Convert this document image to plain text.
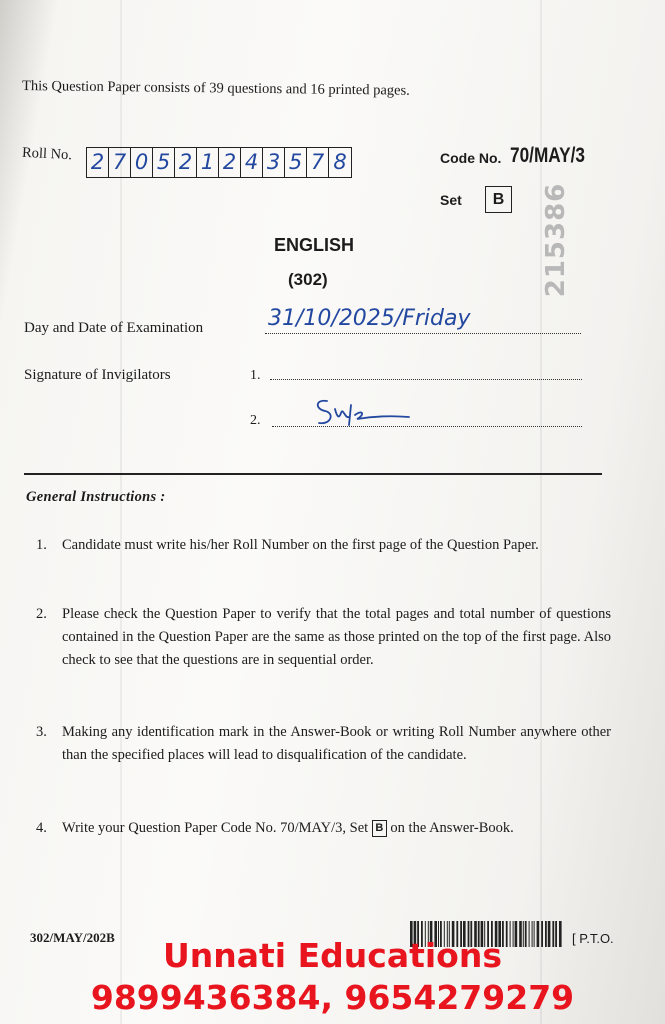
This Question Paper consists of 39 questions and 16 printed pages.
Roll No. 2 7 0 5 2 1 2 4 3 5 7 8	Code No. 70/MAY/3
Set	B 215386
ENGLISH
(302)
Day and Date of Examination	31/10/2025/Friday
Signature of Invigilators	1.
2.
General Instructions :
1.	Candidate must write his/her Roll Number on the first page of the Question Paper.
2.	Please check the Question Paper to verify that the total pages and total number of questions contained in the Question Paper are the same as those printed on the top of the first page. Also check to see that the questions are in sequential order.
3.	Making any identification mark in the Answer-Book or writing Roll Number anywhere other than the specified places will lead to disqualification of the candidate.
4.	Write your Question Paper Code No. 70/MAY/3, Set B on the Answer-Book.
302/MAY/202B	[ P.T.O.
Unnati Educations
9899436384, 9654279279
